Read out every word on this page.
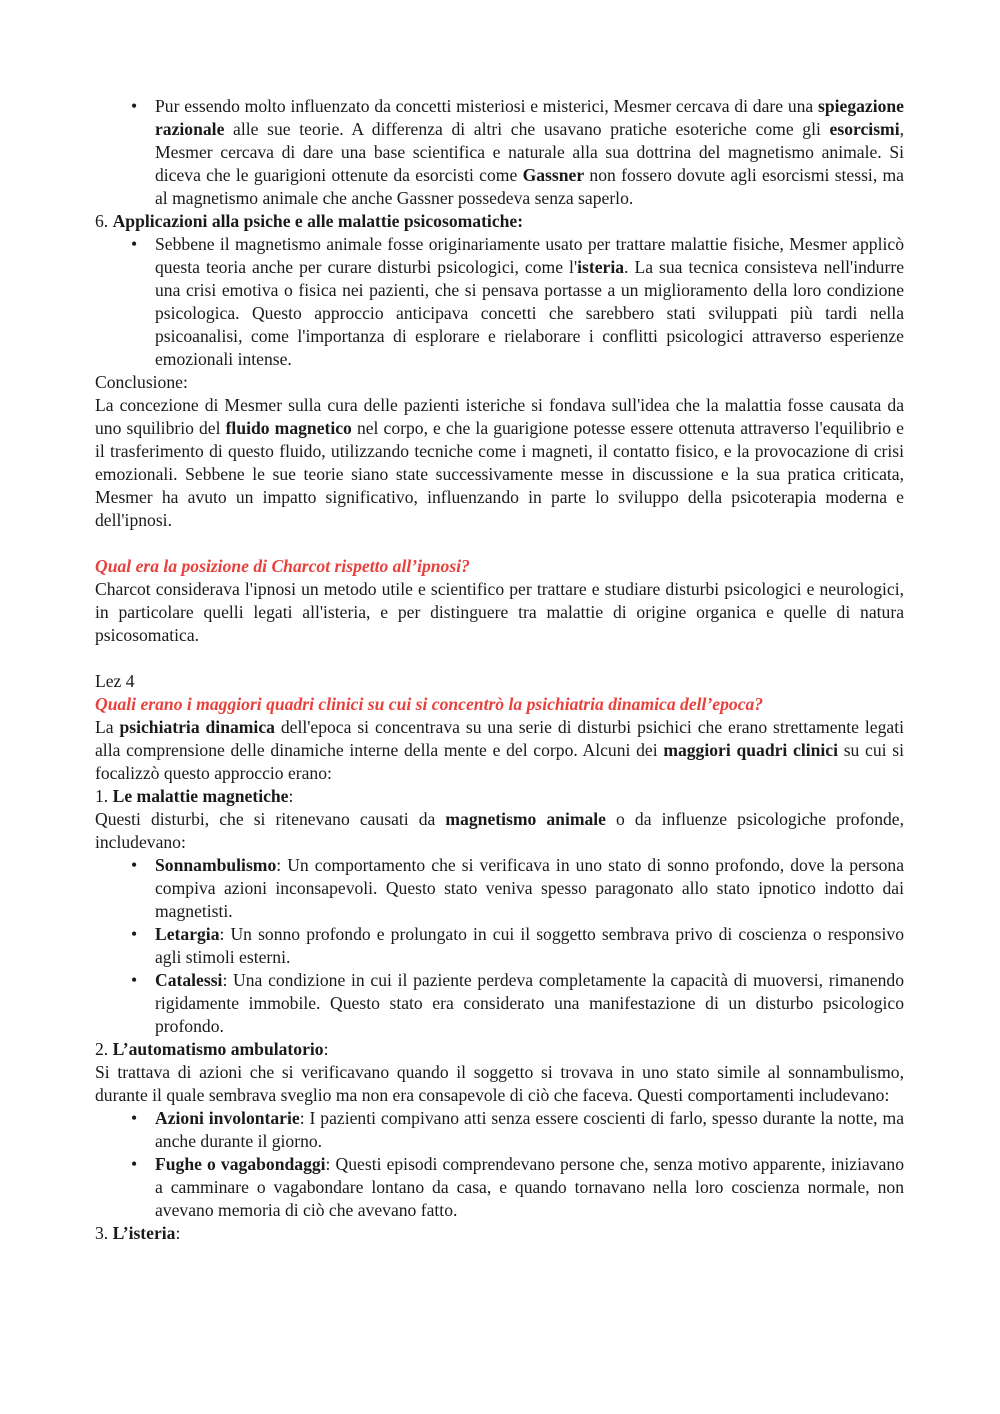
• Pur essendo molto influenzato da concetti misteriosi e misterici, Mesmer cercava di dare una spiegazione razionale alle sue teorie. A differenza di altri che usavano pratiche esoteriche come gli esorcismi, Mesmer cercava di dare una base scientifica e naturale alla sua dottrina del magnetismo animale. Si diceva che le guarigioni ottenute da esorcisti come Gassner non fossero dovute agli esorcismi stessi, ma al magnetismo animale che anche Gassner possedeva senza saperlo.

6. Applicazioni alla psiche e alle malattie psicosomatiche:

• Sebbene il magnetismo animale fosse originariamente usato per trattare malattie fisiche, Mesmer applicò questa teoria anche per curare disturbi psicologici, come l'isteria. La sua tecnica consisteva nell'indurre una crisi emotiva o fisica nei pazienti, che si pensava portasse a un miglioramento della loro condizione psicologica. Questo approccio anticipava concetti che sarebbero stati sviluppati più tardi nella psicoanalisi, come l'importanza di esplorare e rielaborare i conflitti psicologici attraverso esperienze emozionali intense.

Conclusione:

La concezione di Mesmer sulla cura delle pazienti isteriche si fondava sull'idea che la malattia fosse causata da uno squilibrio del fluido magnetico nel corpo, e che la guarigione potesse essere ottenuta attraverso l'equilibrio e il trasferimento di questo fluido, utilizzando tecniche come i magneti, il contatto fisico, e la provocazione di crisi emozionali. Sebbene le sue teorie siano state successivamente messe in discussione e la sua pratica criticata, Mesmer ha avuto un impatto significativo, influenzando in parte lo sviluppo della psicoterapia moderna e dell'ipnosi.

Qual era la posizione di Charcot rispetto all’ipnosi?

Charcot considerava l'ipnosi un metodo utile e scientifico per trattare e studiare disturbi psicologici e neurologici, in particolare quelli legati all'isteria, e per distinguere tra malattie di origine organica e quelle di natura psicosomatica.

Lez 4

Quali erano i maggiori quadri clinici su cui si concentrò la psichiatria dinamica dell’epoca?

La psichiatria dinamica dell'epoca si concentrava su una serie di disturbi psichici che erano strettamente legati alla comprensione delle dinamiche interne della mente e del corpo. Alcuni dei maggiori quadri clinici su cui si focalizzò questo approccio erano:

1. Le malattie magnetiche:

Questi disturbi, che si ritenevano causati da magnetismo animale o da influenze psicologiche profonde, includevano:

• Sonnambulismo: Un comportamento che si verificava in uno stato di sonno profondo, dove la persona compiva azioni inconsapevoli. Questo stato veniva spesso paragonato allo stato ipnotico indotto dai magnetisti.
• Letargia: Un sonno profondo e prolungato in cui il soggetto sembrava privo di coscienza o responsivo agli stimoli esterni.
• Catalessi: Una condizione in cui il paziente perdeva completamente la capacità di muoversi, rimanendo rigidamente immobile. Questo stato era considerato una manifestazione di un disturbo psicologico profondo.

2. L’automatismo ambulatorio:

Si trattava di azioni che si verificavano quando il soggetto si trovava in uno stato simile al sonnambulismo, durante il quale sembrava sveglio ma non era consapevole di ciò che faceva. Questi comportamenti includevano:

• Azioni involontarie: I pazienti compivano atti senza essere coscienti di farlo, spesso durante la notte, ma anche durante il giorno.
• Fughe o vagabondaggi: Questi episodi comprendevano persone che, senza motivo apparente, iniziavano a camminare o vagabondare lontano da casa, e quando tornavano nella loro coscienza normale, non avevano memoria di ciò che avevano fatto.

3. L’isteria:
